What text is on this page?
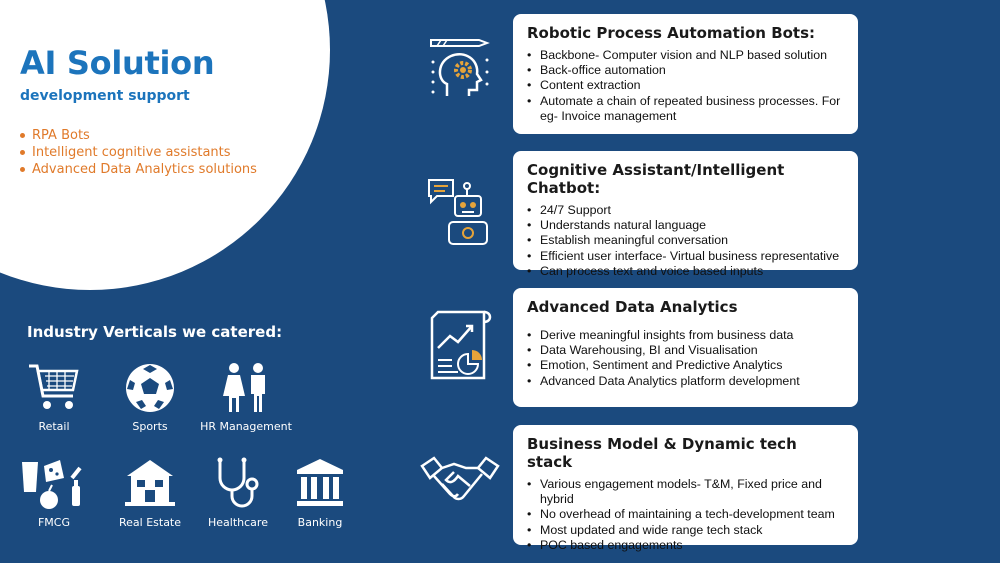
AI Solution
development support
RPA Bots
Intelligent cognitive assistants
Advanced Data Analytics solutions
Industry Verticals we catered:
Retail	Sports	HR Management
FMCG	Real Estate	Healthcare	Banking
Robotic Process Automation Bots:
• Backbone- Computer vision and NLP based solution
• Back-office automation
• Content extraction
• Automate a chain of repeated business processes. For eg- Invoice management
Cognitive Assistant/Intelligent Chatbot:
• 24/7 Support
• Understands natural language
• Establish meaningful conversation
• Efficient user interface- Virtual business representative
• Can process text and voice based inputs
Advanced Data Analytics
• Derive meaningful insights from business data
• Data Warehousing, BI and Visualisation
• Emotion, Sentiment and Predictive Analytics
• Advanced Data Analytics platform development
Business Model & Dynamic tech stack
• Various engagement models- T&M, Fixed price and hybrid
• No overhead of maintaining a tech-development team
• Most updated and wide range tech stack
• POC based engagements
